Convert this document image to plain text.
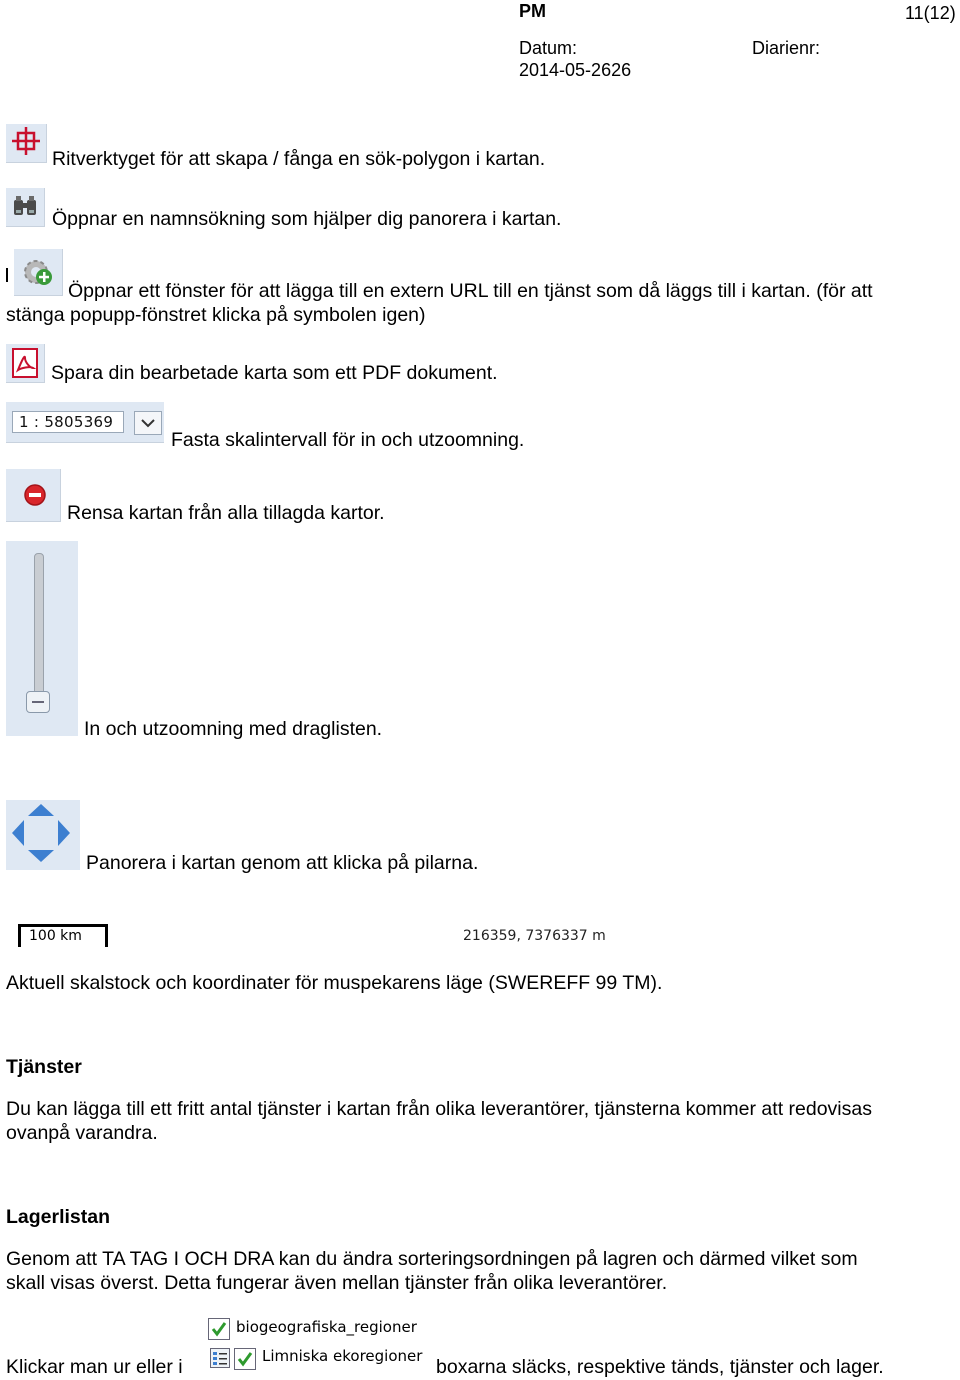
PM	11(12)
Datum:	Diarienr:
2014-05-2626
Ritverktyget för att skapa / fånga en sök-polygon i kartan.
Öppnar en namnsökning som hjälper dig panorera i kartan.
Öppnar ett fönster för att lägga till en extern URL till en tjänst som då läggs till i kartan. (för att
stänga popupp-fönstret klicka på symbolen igen)
Spara din bearbetade karta som ett PDF dokument.
1 : 5805369
Fasta skalintervall för in och utzoomning.
Rensa kartan från alla tillagda kartor.
In och utzoomning med draglisten.
Panorera i kartan genom att klicka på pilarna.
100 km	216359, 7376337 m
Aktuell skalstock och koordinater för muspekarens läge (SWEREFF 99 TM).
Tjänster
Du kan lägga till ett fritt antal tjänster i kartan från olika leverantörer, tjänsterna kommer att redovisas
ovanpå varandra.
Lagerlistan
Genom att TA TAG I OCH DRA kan du ändra sorteringsordningen på lagren och därmed vilket som
skall visas överst. Detta fungerar även mellan tjänster från olika leverantörer.
biogeografiska_regioner
Limniska ekoregioner
Klickar man ur eller i	boxarna släcks, respektive tänds, tjänster och lager.
